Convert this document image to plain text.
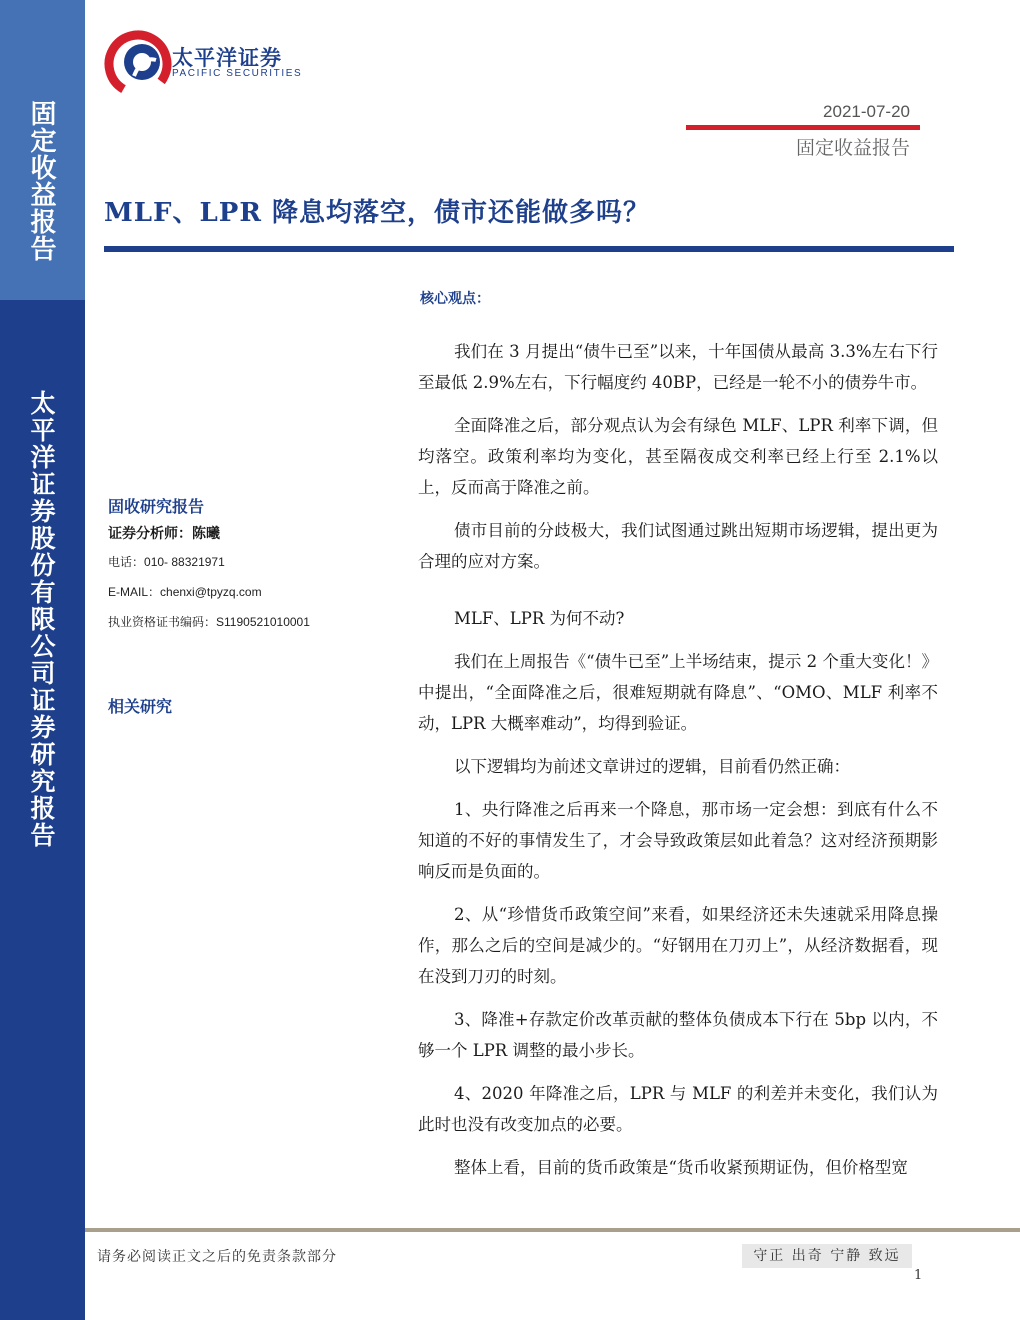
固定收益报告
太平洋证券股份有限公司证券研究报告
太平洋证券
PACIFIC SECURITIES
2021-07-20
固定收益报告
MLF、LPR 降息均落空，债市还能做多吗？
核心观点：

我们在 3 月提出“债牛已至”以来，十年国债从最高 3.3%左右下行至最低 2.9%左右，下行幅度约 40BP，已经是一轮不小的债券牛市。

全面降准之后，部分观点认为会有绿色 MLF、LPR 利率下调，但均落空。政策利率均为变化，甚至隔夜成交利率已经上行至 2.1%以上，反而高于降准之前。

债市目前的分歧极大，我们试图通过跳出短期市场逻辑，提出更为合理的应对方案。

MLF、LPR 为何不动?

我们在上周报告《“债牛已至”上半场结束，提示 2 个重大变化！》中提出，“全面降准之后，很难短期就有降息”、“OMO、MLF 利率不动，LPR 大概率难动”，均得到验证。

以下逻辑均为前述文章讲过的逻辑，目前看仍然正确：

1、央行降准之后再来一个降息，那市场一定会想：到底有什么不知道的不好的事情发生了，才会导致政策层如此着急？这对经济预期影响反而是负面的。

2、从“珍惜货币政策空间”来看，如果经济还未失速就采用降息操作，那么之后的空间是减少的。“好钢用在刀刃上”，从经济数据看，现在没到刀刃的时刻。

3、降准+存款定价改革贡献的整体负债成本下行在 5bp 以内，不够一个 LPR 调整的最小步长。

4、2020 年降准之后，LPR 与 MLF 的利差并未变化，我们认为此时也没有改变加点的必要。

整体上看，目前的货币政策是“货币收紧预期证伪，但价格型宽

固收研究报告
证券分析师：陈曦
电话：010- 88321971
E-MAIL：chenxi@tpyzq.com
执业资格证书编码：S1190521010001
相关研究
请务必阅读正文之后的免责条款部分	守正 出奇 宁静 致远
1
